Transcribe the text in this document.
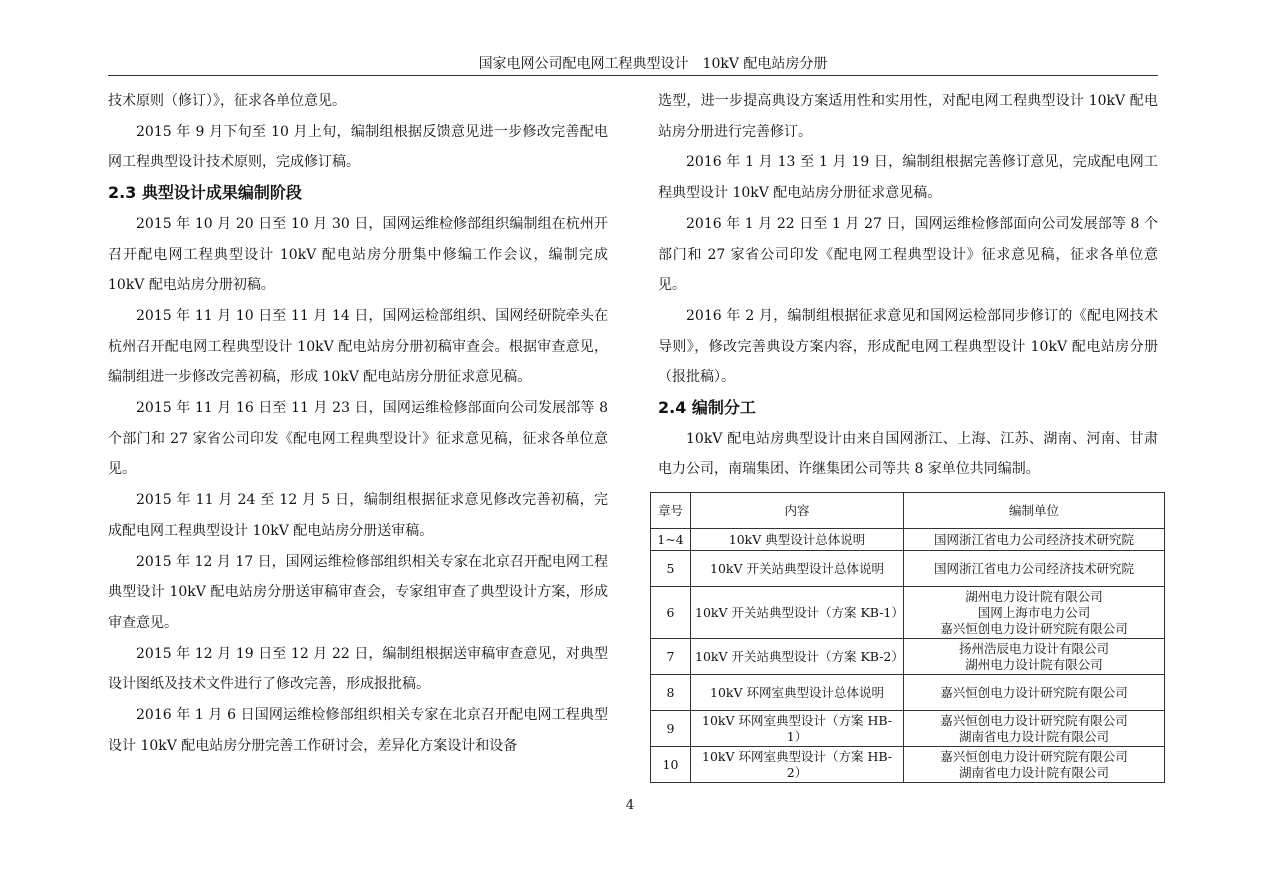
国家电网公司配电网工程典型设计　10kV 配电站房分册

技术原则（修订）》，征求各单位意见。

2015 年 9 月下旬至 10 月上旬，编制组根据反馈意见进一步修改完善配电网工程典型设计技术原则，完成修订稿。

2.3 典型设计成果编制阶段

2015 年 10 月 20 日至 10 月 30 日，国网运维检修部组织编制组在杭州开召开配电网工程典型设计 10kV 配电站房分册集中修编工作会议，编制完成 10kV 配电站房分册初稿。

2015 年 11 月 10 日至 11 月 14 日，国网运检部组织、国网经研院牵头在杭州召开配电网工程典型设计 10kV 配电站房分册初稿审查会。根据审查意见，编制组进一步修改完善初稿，形成 10kV 配电站房分册征求意见稿。

2015 年 11 月 16 日至 11 月 23 日，国网运维检修部面向公司发展部等 8 个部门和 27 家省公司印发《配电网工程典型设计》征求意见稿，征求各单位意见。

2015 年 11 月 24 至 12 月 5 日，编制组根据征求意见修改完善初稿，完成配电网工程典型设计 10kV 配电站房分册送审稿。

2015 年 12 月 17 日，国网运维检修部组织相关专家在北京召开配电网工程典型设计 10kV 配电站房分册送审稿审查会，专家组审查了典型设计方案，形成审查意见。

2015 年 12 月 19 日至 12 月 22 日，编制组根据送审稿审查意见，对典型设计图纸及技术文件进行了修改完善，形成报批稿。

2016 年 1 月 6 日国网运维检修部组织相关专家在北京召开配电网工程典型设计 10kV 配电站房分册完善工作研讨会，差异化方案设计和设备

选型，进一步提高典设方案适用性和实用性，对配电网工程典型设计 10kV 配电站房分册进行完善修订。

2016 年 1 月 13 至 1 月 19 日，编制组根据完善修订意见，完成配电网工程典型设计 10kV 配电站房分册征求意见稿。

2016 年 1 月 22 日至 1 月 27 日，国网运维检修部面向公司发展部等 8 个部门和 27 家省公司印发《配电网工程典型设计》征求意见稿，征求各单位意见。

2016 年 2 月，编制组根据征求意见和国网运检部同步修订的《配电网技术导则》，修改完善典设方案内容，形成配电网工程典型设计 10kV 配电站房分册（报批稿）。

2.4 编制分工

10kV 配电站房典型设计由来自国网浙江、上海、江苏、湖南、河南、甘肃电力公司，南瑞集团、许继集团公司等共 8 家单位共同编制。

章号	内容	编制单位
1~4	10kV 典型设计总体说明	国网浙江省电力公司经济技术研究院

5	10kV 开关站典型设计总体说明	国网浙江省电力公司经济技术研究院

6	10kV 开关站典型设计（方案 KB-1）	湖州电力设计院有限公司
国网上海市电力公司
嘉兴恒创电力设计研究院有限公司

7	10kV 开关站典型设计（方案 KB-2）	扬州浩辰电力设计有限公司
湖州电力设计院有限公司

8	10kV 环网室典型设计总体说明	嘉兴恒创电力设计研究院有限公司

9	10kV 环网室典型设计（方案 HB-1）	嘉兴恒创电力设计研究院有限公司
湖南省电力设计院有限公司

10	10kV 环网室典型设计（方案 HB-2）	嘉兴恒创电力设计研究院有限公司
湖南省电力设计院有限公司
4
